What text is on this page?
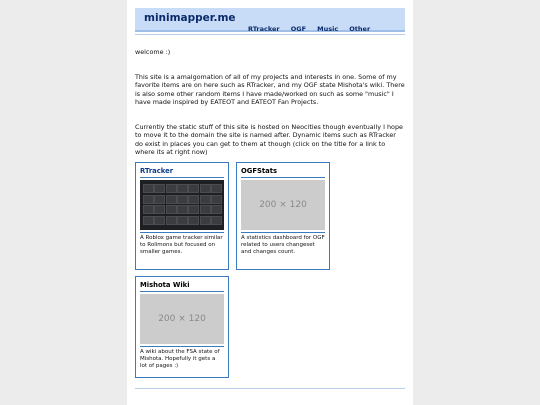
minimapper.me
RTracker OGF Music Other
welcome :)
This site is a amalgomation of all of my projects and interests in one. Some of my favorite items are on here such as RTracker, and my OGF state Mishota's wiki. There is also some other random items I have made/worked on such as some "music" I have made inspired by EATEOT and EATEOT Fan Projects.
Currently the static stuff of this site is hosted on Neocities though eventually I hope to move it to the domain the site is named after. Dynamic items such as RTracker do exist in places you can get to them at though (click on the title for a link to where its at right now)
RTracker
A Roblox game tracker similar to Rolimons but focused on smaller games.
OGFStats
200 × 120
A statistics dashboard for OGF related to users changeset and changes count.
Mishota Wiki
200 × 120
A wiki about the FSA state of Mishota. Hopefully it gets a lot of pages :)
